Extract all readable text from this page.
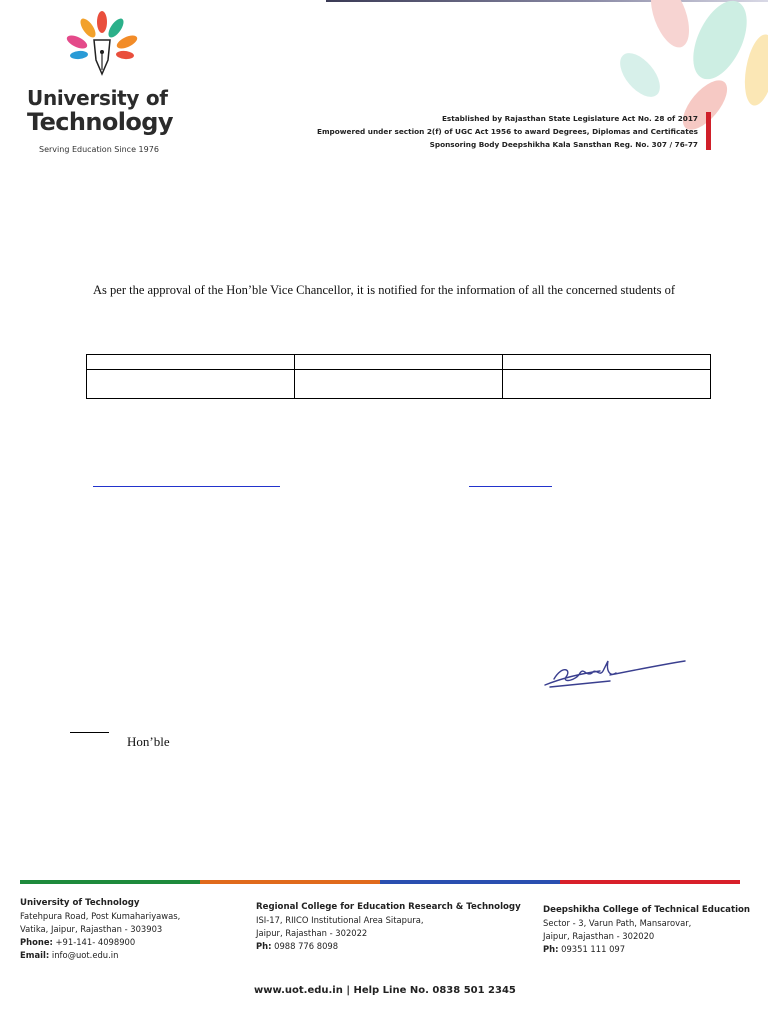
University of
Technology
Serving Education Since 1976
Established by Rajasthan State Legislature Act No. 28 of 2017
Empowered under section 2(f) of UGC Act 1956 to award Degrees, Diplomas and Certificates
Sponsoring Body Deepshikha Kala Sansthan Reg. No. 307 / 76-77
As per the approval of the Hon’ble Vice Chancellor, it is notified for the information of all the concerned students of

Hon’ble
University of Technology
Fatehpura Road, Post Kumahariyawas,
Vatika, Jaipur, Rajasthan - 303903
Phone: +91-141- 4098900
Email: info@uot.edu.in
Regional College for Education Research & Technology
ISI-17, RIICO Institutional Area Sitapura,
Jaipur, Rajasthan - 302022
Ph: 0988 776 8098
Deepshikha College of Technical Education
Sector - 3, Varun Path, Mansarovar,
Jaipur, Rajasthan - 302020
Ph: 09351 111 097
www.uot.edu.in | Help Line No. 0838 501 2345
